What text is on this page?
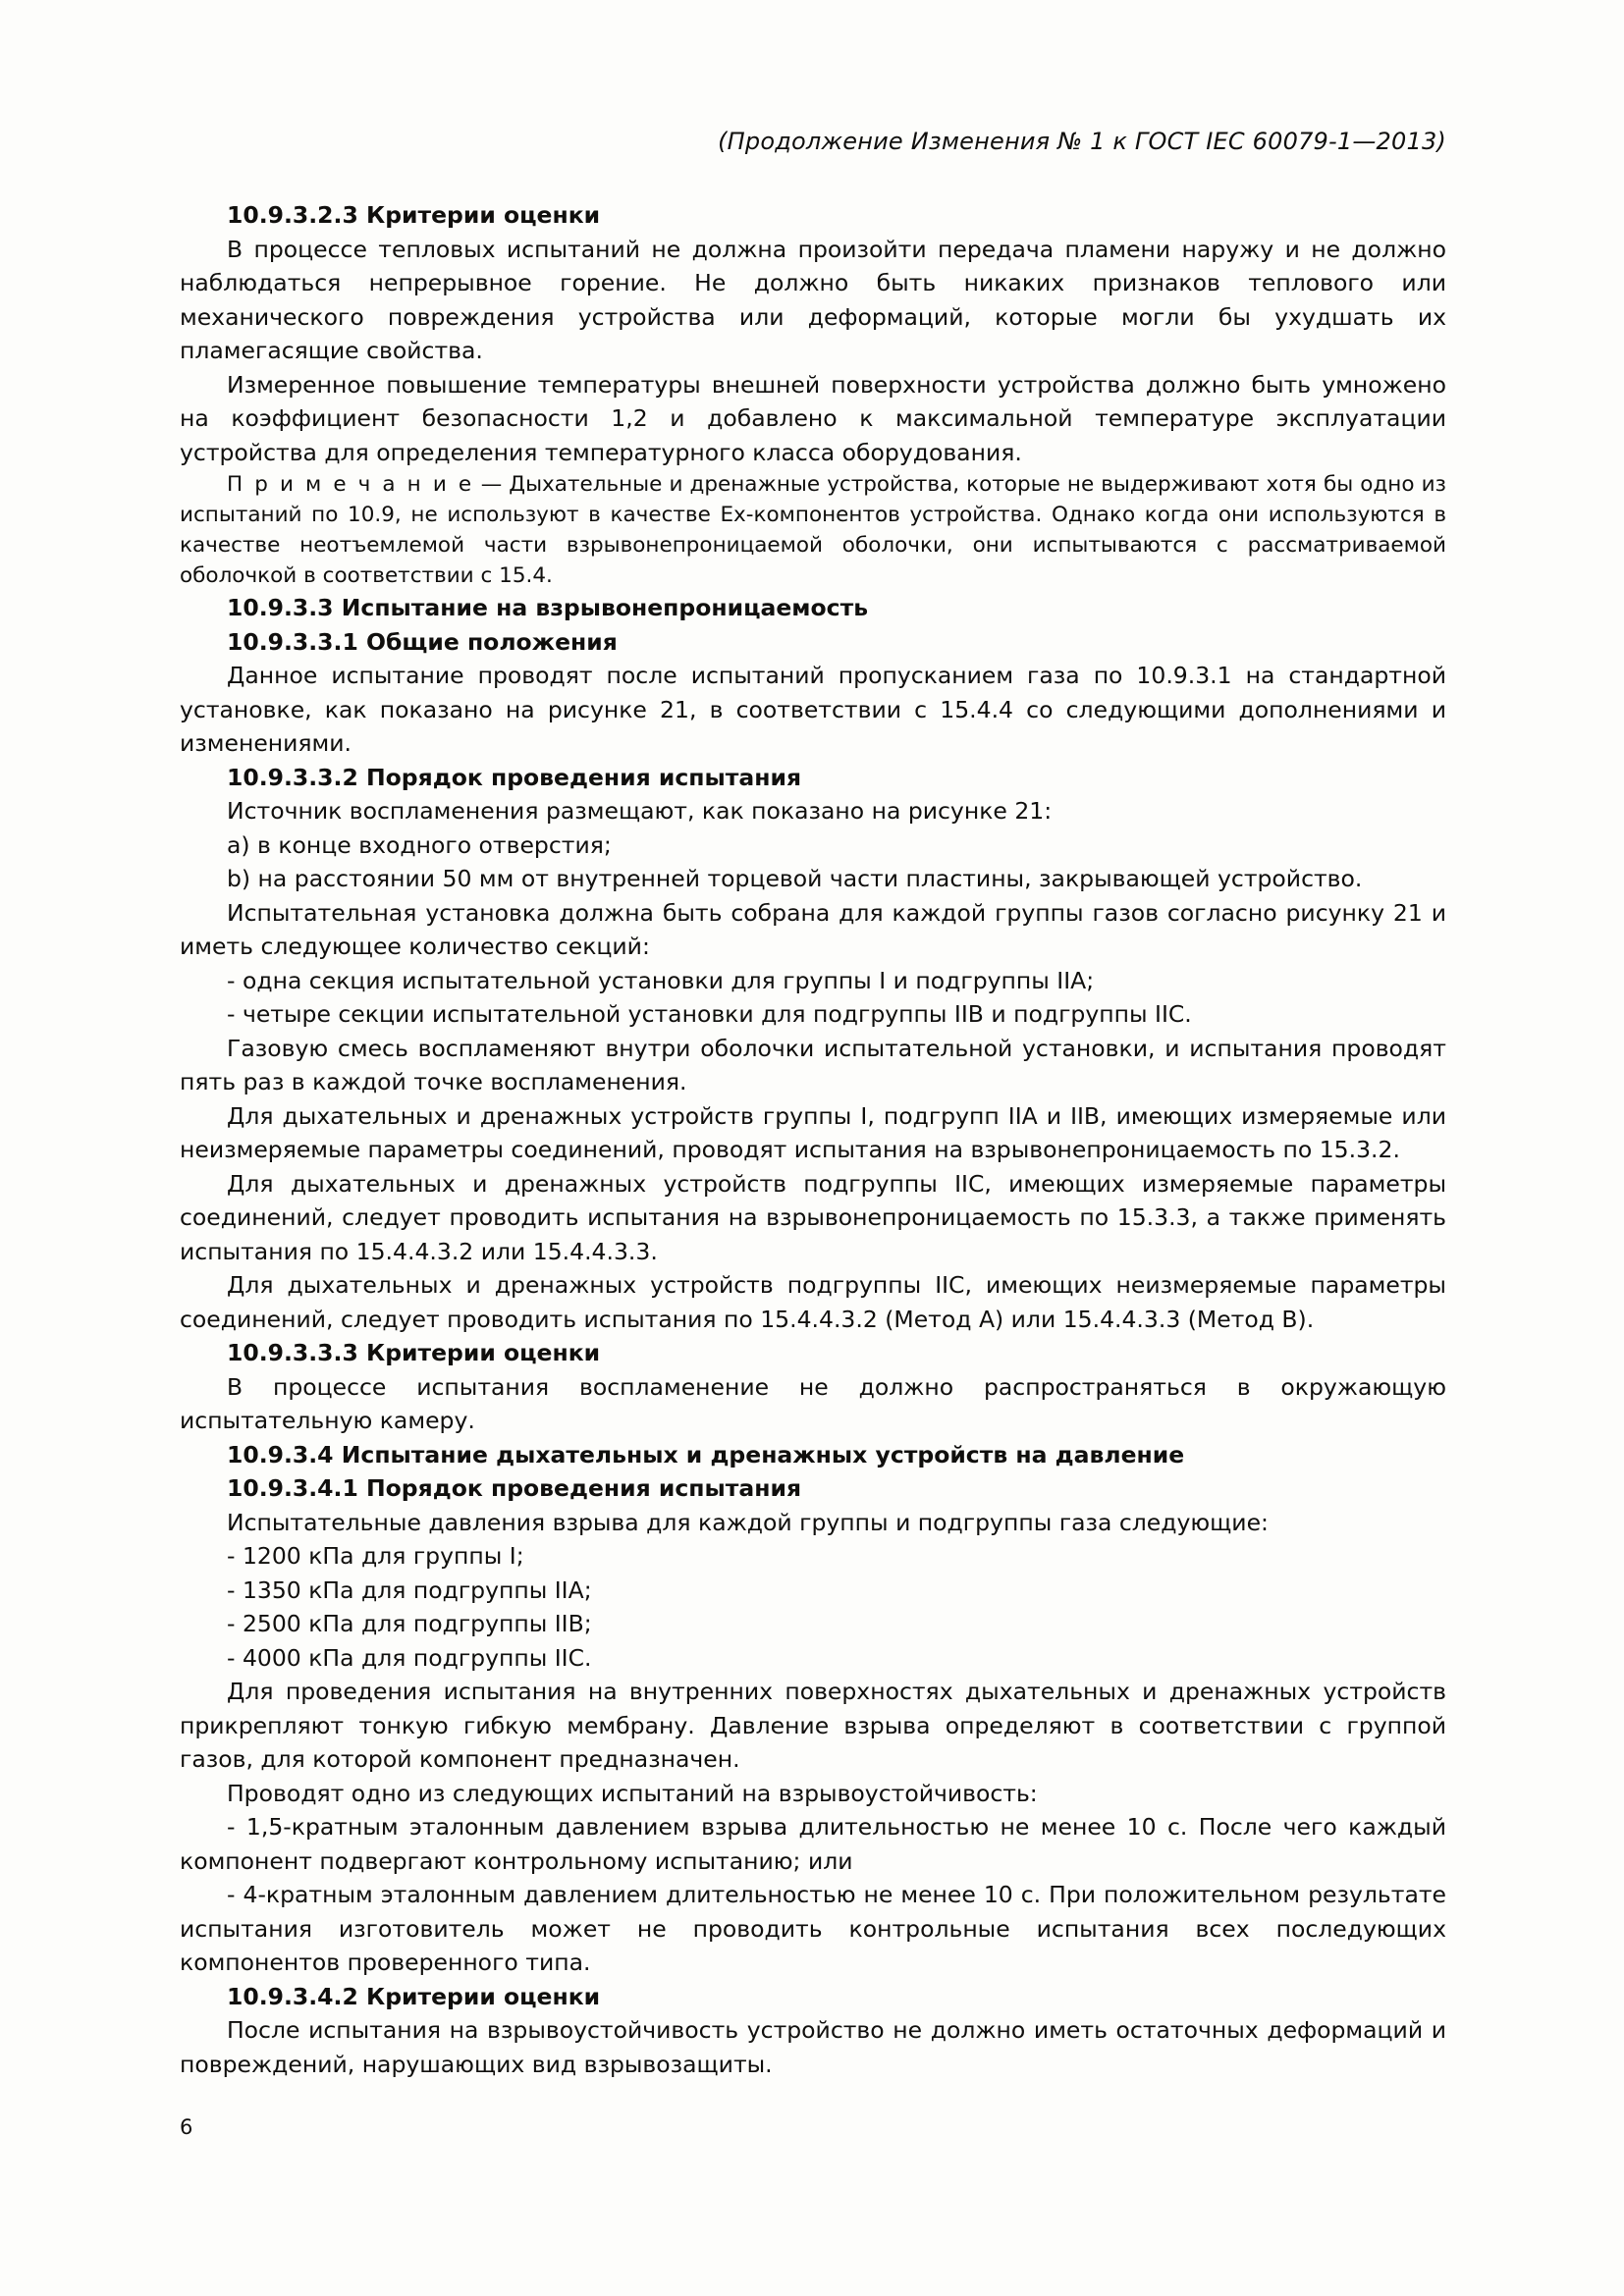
(Продолжение Изменения № 1 к ГОСТ IEC 60079-1—2013)
10.9.3.2.3 Критерии оценки

В процессе тепловых испытаний не должна произойти передача пламени наружу и не должно наблюдаться непрерывное горение. Не должно быть никаких признаков теплового или механического повреждения устройства или деформаций, которые могли бы ухудшать их пламегасящие свойства.

Измеренное повышение температуры внешней поверхности устройства должно быть умножено на коэффициент безопасности 1,2 и добавлено к максимальной температуре эксплуатации устройства для определения температурного класса оборудования.

П р и м е ч а н и е — Дыхательные и дренажные устройства, которые не выдерживают хотя бы одно из испытаний по 10.9, не используют в качестве Ex-компонентов устройства. Однако когда они используются в качестве неотъемлемой части взрывонепроницаемой оболочки, они испытываются с рассматриваемой оболочкой в соответствии с 15.4.

10.9.3.3 Испытание на взрывонепроницаемость
10.9.3.3.1 Общие положения

Данное испытание проводят после испытаний пропусканием газа по 10.9.3.1 на стандартной установке, как показано на рисунке 21, в соответствии с 15.4.4 со следующими дополнениями и изменениями.

10.9.3.3.2 Порядок проведения испытания

Источник воспламенения размещают, как показано на рисунке 21:

a) в конце входного отверстия;

b) на расстоянии 50 мм от внутренней торцевой части пластины, закрывающей устройство.

Испытательная установка должна быть собрана для каждой группы газов согласно рисунку 21 и иметь следующее количество секций:

- одна секция испытательной установки для группы I и подгруппы IIA;

- четыре секции испытательной установки для подгруппы IIB и подгруппы IIC.

Газовую смесь воспламеняют внутри оболочки испытательной установки, и испытания проводят пять раз в каждой точке воспламенения.

Для дыхательных и дренажных устройств группы I, подгрупп IIA и IIB, имеющих измеряемые или неизмеряемые параметры соединений, проводят испытания на взрывонепроницаемость по 15.3.2.

Для дыхательных и дренажных устройств подгруппы IIC, имеющих измеряемые параметры соединений, следует проводить испытания на взрывонепроницаемость по 15.3.3, а также применять испытания по 15.4.4.3.2 или 15.4.4.3.3.

Для дыхательных и дренажных устройств подгруппы IIC, имеющих неизмеряемые параметры соединений, следует проводить испытания по 15.4.4.3.2 (Метод A) или 15.4.4.3.3 (Метод B).

10.9.3.3.3 Критерии оценки

В процессе испытания воспламенение не должно распространяться в окружающую испытательную камеру.

10.9.3.4 Испытание дыхательных и дренажных устройств на давление
10.9.3.4.1 Порядок проведения испытания

Испытательные давления взрыва для каждой группы и подгруппы газа следующие:

- 1200 кПа для группы I;

- 1350 кПа для подгруппы IIA;

- 2500 кПа для подгруппы IIB;

- 4000 кПа для подгруппы IIC.

Для проведения испытания на внутренних поверхностях дыхательных и дренажных устройств прикрепляют тонкую гибкую мембрану. Давление взрыва определяют в соответствии с группой газов, для которой компонент предназначен.

Проводят одно из следующих испытаний на взрывоустойчивость:

- 1,5-кратным эталонным давлением взрыва длительностью не менее 10 с. После чего каждый компонент подвергают контрольному испытанию; или

- 4-кратным эталонным давлением длительностью не менее 10 с. При положительном результате испытания изготовитель может не проводить контрольные испытания всех последующих компонентов проверенного типа.

10.9.3.4.2 Критерии оценки

После испытания на взрывоустойчивость устройство не должно иметь остаточных деформаций и повреждений, нарушающих вид взрывозащиты.

6
